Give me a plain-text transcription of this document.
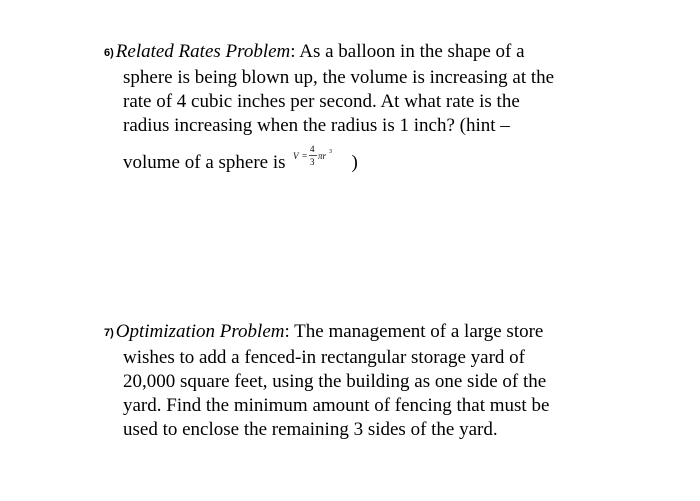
6) Related Rates Problem: As a balloon in the shape of a
sphere is being blown up, the volume is increasing at the
rate of 4 cubic inches per second. At what rate is the
radius increasing when the radius is 1 inch? (hint –
volume of a sphere is V =
4
3
πr 3 )
7) Optimization Problem: The management of a large store
wishes to add a fenced-in rectangular storage yard of
20,000 square feet, using the building as one side of the
yard. Find the minimum amount of fencing that must be
used to enclose the remaining 3 sides of the yard.
